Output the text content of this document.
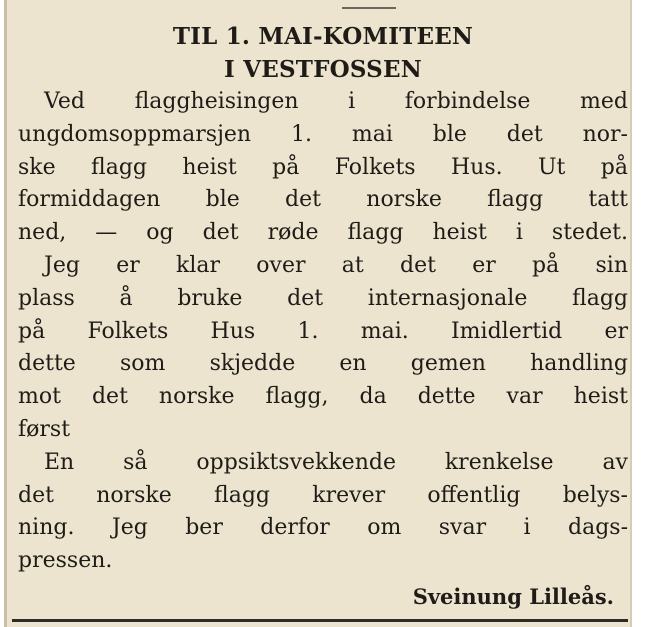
TIL 1. MAI-KOMITEEN
I VESTFOSSEN
Ved flaggheisingen i forbindelse med
ungdomsoppmarsjen 1. mai ble det nor-
ske flagg heist på Folkets Hus. Ut på
formiddagen ble det norske flagg tatt
ned, — og det røde flagg heist i stedet.
Jeg er klar over at det er på sin
plass å bruke det internasjonale flagg
på Folkets Hus 1. mai. Imidlertid er
dette som skjedde en gemen handling
mot det norske flagg, da dette var heist
først
En så oppsiktsvekkende krenkelse av
det norske flagg krever offentlig belys-
ning. Jeg ber derfor om svar i dags-
pressen.
Sveinung Lilleås.
